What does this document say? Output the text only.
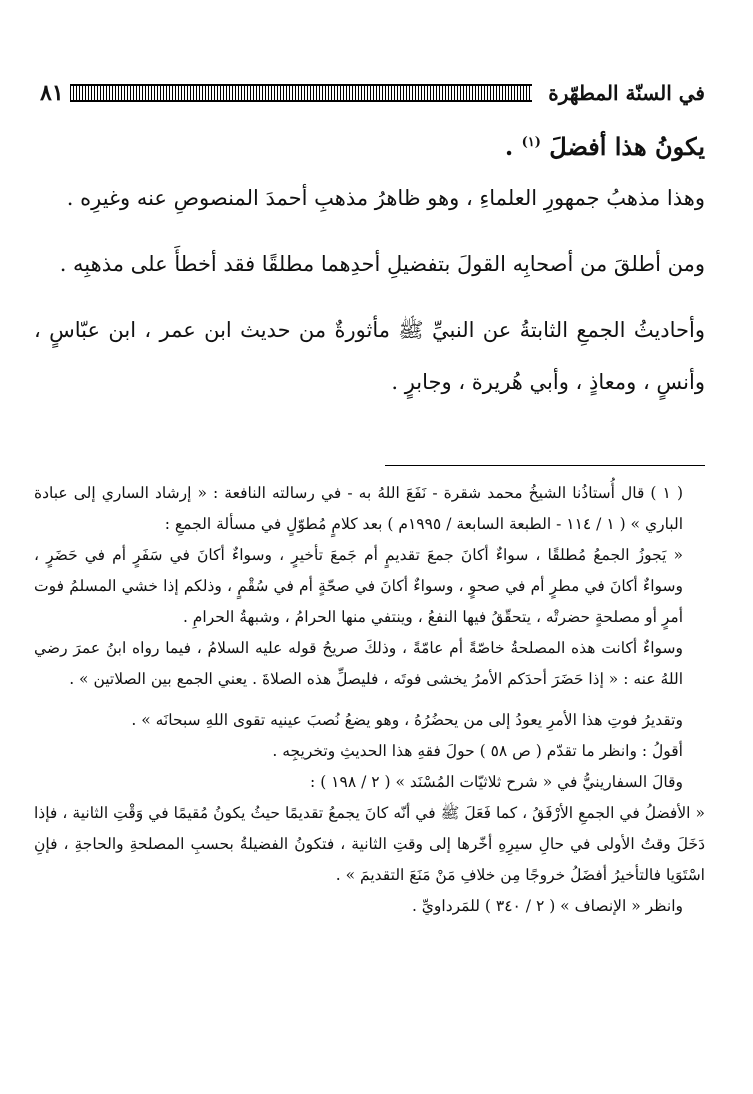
في السنّة المطهّرة
٨١

يكونُ هذا أفضلَ $^{(١)}$ .

وهذا مذهبُ جمهورِ العلماءِ ، وهو ظاهرُ مذهبِ أحمدَ المنصوصِ عنه وغيرِه .

ومن أطلقَ من أصحابِه القولَ بتفضيلِ أحدِهما مطلقًا فقد أخطأَ على مذهبِه .

وأحاديثُ الجمعِ الثابتةُ عن النبيِّ ﷺ مأثورةٌ من حديث ابن عمر ، ابن عبّاسٍ ، وأنسٍ ، ومعاذٍ ، وأبي هُريرة ، وجابرٍ .

( ١ ) قال أُستاذُنا الشيخُ محمد شقرة - نَفَعَ اللهُ به - في رسالته النافعة : « إرشاد الساري إلى عبادة الباري » ( ١ / ١١٤ - الطبعة السابعة / ١٩٩٥م ) بعد كلامٍ مُطوّلٍ في مسألة الجمعِ :

« يَجوزُ الجمعُ مُطلقًا ، سواءٌ أكانَ جمعَ تقديمٍ أم جَمعَ تأخيرٍ ، وسواءٌ أكانَ في سَفَرٍ أم في حَضَرٍ ، وسواءٌ أكانَ في مطرٍ أم في صحوٍ ، وسواءٌ أكانَ في صحّةٍ أم في سُقْمٍ ، وذلكم إذا خشي المسلمُ فوت أمرٍ أو مصلحةٍ حضرتْه ، يتحقّقُ فيها النفعُ ، وينتفي منها الحرامُ ، وشبهةُ الحرامِ .

وسواءٌ أكانت هذه المصلحةُ خاصّةً أم عامّةً ، وذلكَ صريحُ قوله عليه السلامُ ، فيما رواه ابنُ عمرَ رضي اللهُ عنه : « إذا حَضَرَ أحدَكم الأمرُ يخشى فوتَه ، فليصلِّ هذه الصلاةَ . يعني الجمع بين الصلاتين » .

وتقديرُ فوتِ هذا الأمرِ يعودُ إلى من يحضُرُهُ ، وهو يضعُ نُصبَ عينيه تقوى اللهِ سبحانَه » .

أقولُ : وانظر ما تقدّم ( ص ٥٨ ) حولَ فقهِ هذا الحديثِ وتخريجِه .

وقالَ السفارينيُّ في « شرح ثلاثيّات المُسْنَد » ( ٢ / ١٩٨ ) :

« الأفضلُ في الجمعِ الأرْفَقُ ، كما فَعَلَ ﷺ في أنّه كانَ يجمعُ تقديمًا حيثُ يكونُ مُقيمًا في وَقْتِ الثانية ، فإذا دَخَلَ وقتُ الأولى في حالِ سيرِهِ أخّرها إلى وقتِ الثانية ، فتكونُ الفضيلةُ بحسبِ المصلحةِ والحاجةِ ، فإنِ اسْتَوَيا فالتأخيرُ أفضَلُ خروجًا مِن خلافِ مَنْ مَنَعَ التقديمَ » .

وانظر « الإنصاف » ( ٢ / ٣٤٠ ) للمَرداويِّ .
